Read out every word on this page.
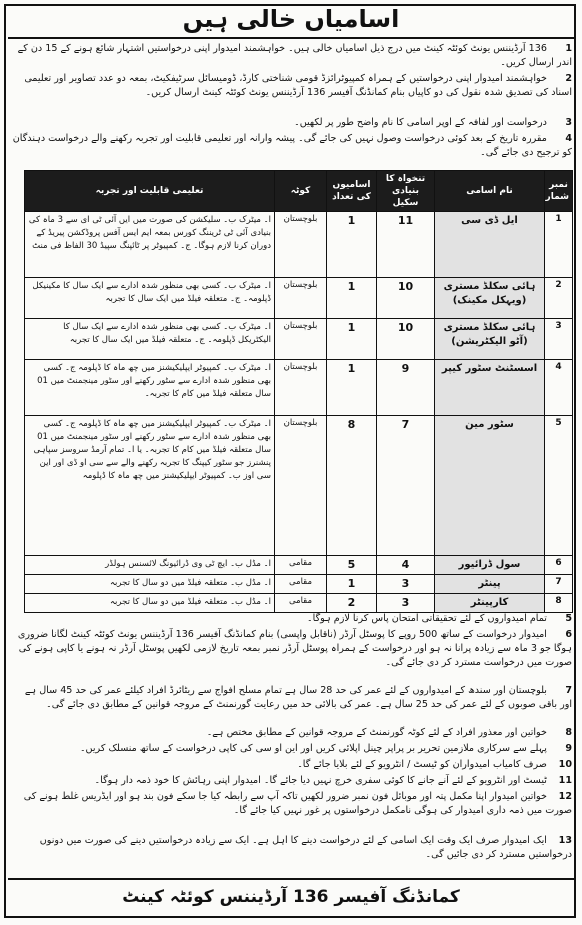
اسامیاں خالی ہیں
1 136 آرڈیننس یونٹ کوئٹہ کینٹ میں درج ذیل اسامیاں خالی ہیں۔ خواہشمند امیدوار اپنی درخواستیں اشتہار شائع ہونے کے 15 دن کے اندر ارسال کریں۔
2 خواہشمند امیدوار اپنی درخواستیں کے ہمراہ کمپیوٹرائزڈ قومی شناختی کارڈ، ڈومیسائل سرٹیفکیٹ، بمعہ دو عدد تصاویر اور تعلیمی اسناد کی تصدیق شدہ نقول کی دو کاپیاں بنام کمانڈنگ آفیسر 136 آرڈیننس یونٹ کوئٹہ کینٹ ارسال کریں۔
3 درخواست اور لفافہ کے اوپر اسامی کا نام واضح طور پر لکھیں۔
4 مقررہ تاریخ کے بعد کوئی درخواست وصول نہیں کی جائے گی۔ پیشہ وارانہ اور تعلیمی قابلیت اور تجربہ رکھنے والے درخواست دہندگان کو ترجیح دی جائے گی۔
نمبر شمار	نام اسامی	تنخواہ کا بنیادی سکیل	اسامیوں کی تعداد	کوٹہ	تعلیمی قابلیت اور تجربہ
1	ایل ڈی سی	11	1	بلوچستان	ا۔ میٹرک ب۔ سلیکشن کی صورت میں ایں آئی ٹی ای سے 3 ماہ کی بنیادی آئی ٹی ٹریننگ کورس بمعہ ایم ایس آفس پروڈکشن پیریڈ کے دوران کرنا لازم ہوگا۔ ج۔ کمپیوٹر پر ٹائپنگ سپیڈ 30 الفاظ فی منٹ
2	ہائی سکلڈ مستری (ویہکل مکینک)	10	1	بلوچستان	ا۔ میٹرک ب۔ کسی بھی منظور شدہ ادارے سے ایک سال کا مکینیکل ڈپلومہ۔ ج۔ متعلقہ فیلڈ میں ایک سال کا تجربہ
3	ہائی سکلڈ مستری (آٹو الیکٹریشن)	10	1	بلوچستان	ا۔ میٹرک ب۔ کسی بھی منظور شدہ ادارے سے ایک سال کا الیکٹریکل ڈپلومہ۔ ج۔ متعلقہ فیلڈ میں ایک سال کا تجربہ
4	اسسٹنٹ سٹور کیپر	9	1	بلوچستان	ا۔ میٹرک ب۔ کمپیوٹر ایپلیکیشنز میں چھ ماہ کا ڈپلومہ ج۔ کسی بھی منظور شدہ ادارے سے سٹور رکھنے اور سٹور مینجمنٹ میں 01 سال متعلقہ فیلڈ میں کام کا تجربہ۔
5	سٹور مین	7	8	بلوچستان	ا۔ میٹرک ب۔ کمپیوٹر ایپلیکیشنز میں چھ ماہ کا ڈپلومہ ج۔ کسی بھی منظور شدہ ادارے سے سٹور رکھنے اور سٹور مینجمنٹ میں 01 سال متعلقہ فیلڈ میں کام کا تجربہ۔ یا ا۔ تمام آرمڈ سروسز سپاہی پنشنرز جو سٹور کیپنگ کا تجربہ رکھنے والے سے سی او ڈی اور این سی اوز ب۔ کمپیوٹر ایپلیکیشنز میں چھ ماہ کا ڈپلومہ
6	سول ڈرائیور	4	5	مقامی	ا۔ مڈل ب۔ ایچ ٹی وی ڈرائیونگ لائسنس ہولڈر
7	پینٹر	3	1	مقامی	ا۔ مڈل ب۔ متعلقہ فیلڈ میں دو سال کا تجربہ
8	کارپینٹر	3	2	مقامی	ا۔ مڈل ب۔ متعلقہ فیلڈ میں دو سال کا تجربہ
5 تمام امیدواروں کے لئے تحقیقاتی امتحان پاس کرنا لازم ہوگا۔
6 امیدوار درخواست کے ساتھ 500 روپے کا پوسٹل آرڈر (ناقابل واپسی) بنام کمانڈنگ آفیسر 136 آرڈیننس یونٹ کوئٹہ کینٹ لگانا ضروری ہوگا جو 3 ماہ سے زیادہ پرانا نہ ہو اور درخواست کے ہمراہ پوسٹل آرڈر نمبر بمعہ تاریخ لازمی لکھیں پوسٹل آرڈر نہ ہونے یا کاپی ہونے کی صورت میں درخواست مسترد کر دی جائے گی۔
7 بلوچستان اور سندھ کے امیدواروں کے لئے عمر کی حد 28 سال ہے تمام مسلح افواج سے ریٹائرڈ افراد کیلئے عمر کی حد 45 سال ہے اور باقی صوبوں کے لئے عمر کی حد 25 سال ہے۔ عمر کی بالائی حد میں رعایت گورنمنٹ کے مروجہ قوانین کے مطابق دی جائے گی۔
8 خواتین اور معذور افراد کے لئے کوٹہ گورنمنٹ کے مروجہ قوانین کے مطابق مختص ہے۔
9 پہلے سے سرکاری ملازمین تحریر بر پراپر چینل اپلائی کریں اور این او سی کی کاپی درخواست کے ساتھ منسلک کریں۔
10 صرف کامیاب امیدواران کو ٹیسٹ / انٹرویو کے لئے بلایا جائے گا۔
11 ٹیسٹ اور انٹرویو کے لئے آنے جانے کا کوئی سفری خرچ نہیں دیا جائے گا۔ امیدوار اپنی رہائش کا خود ذمہ دار ہوگا۔
12 خواتین امیدوار اپنا مکمل پتہ اور موبائل فون نمبر ضرور لکھیں تاکہ آپ سے رابطہ کیا جا سکے فون بند ہو اور ایڈریس غلط ہونے کی صورت میں ذمہ داری امیدوار کی ہوگی نامکمل درخواستوں پر غور نہیں کیا جائے گا۔
13 ایک امیدوار صرف ایک وقت ایک اسامی کے لئے درخواست دینے کا اہل ہے۔ ایک سے زیادہ درخواستیں دینے کی صورت میں دونوں درخواستیں مسترد کر دی جائیں گی۔
کمانڈنگ آفیسر 136 آرڈیننس کوئٹہ کینٹ
